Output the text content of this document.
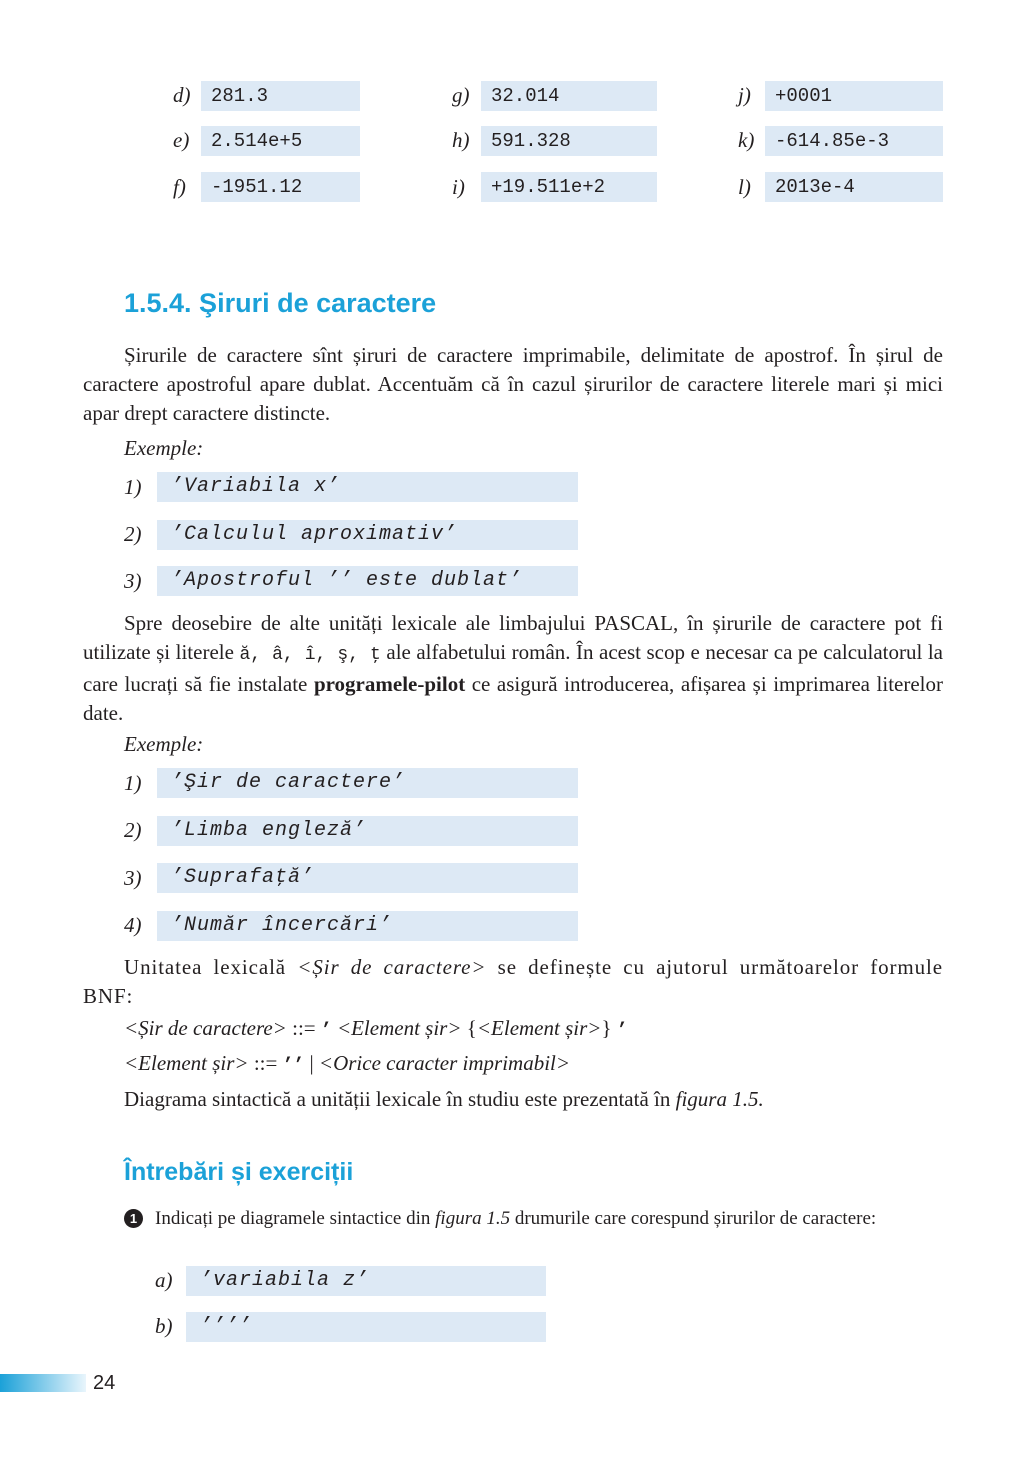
d)	281.3	g)	32.014	j)	+0001
e)	2.514e+5	h)	591.328	k)	-614.85e-3
f)	-1951.12	i)	+19.511e+2	l)	2013e-4
1.5.4. Şiruri de caractere

Șirurile de caractere sînt șiruri de caractere imprimabile, delimitate de apostrof. În șirul de caractere apostroful apare dublat. Accentuăm că în cazul șirurilor de caractere literele mari și mici apar drept caractere distincte.

Exemple:
1)	’Variabila x’
2)	’Calculul aproximativ’
3)	’Apostroful ’’ este dublat’

Spre deosebire de alte unități lexicale ale limbajului PASCAL, în șirurile de caractere pot fi utilizate și literele ă, â, î, ş, ţ ale alfabetului român. În acest scop e necesar ca pe calculatorul la care lucrați să fie instalate programele-pilot ce asigură introducerea, afișarea și imprimarea literelor date.

Exemple:
1)	’Şir de caractere’
2)	’Limba engleză’
3)	’Suprafaţă’
4)	’Număr încercări’

Unitatea lexicală <Șir de caractere> se definește cu ajutorul următoarelor formule BNF:

<Șir de caractere> ::= ’ <Element șir> {<Element șir>} ’
<Element șir> ::= ’’ | <Orice caracter imprimabil>
Diagrama sintactică a unității lexicale în studiu este prezentată în figura 1.5.
Întrebări și exerciții
1 Indicați pe diagramele sintactice din figura 1.5 drumurile care corespund șirurilor de caractere:
a)	’variabila z’
b)	’’’’
24
